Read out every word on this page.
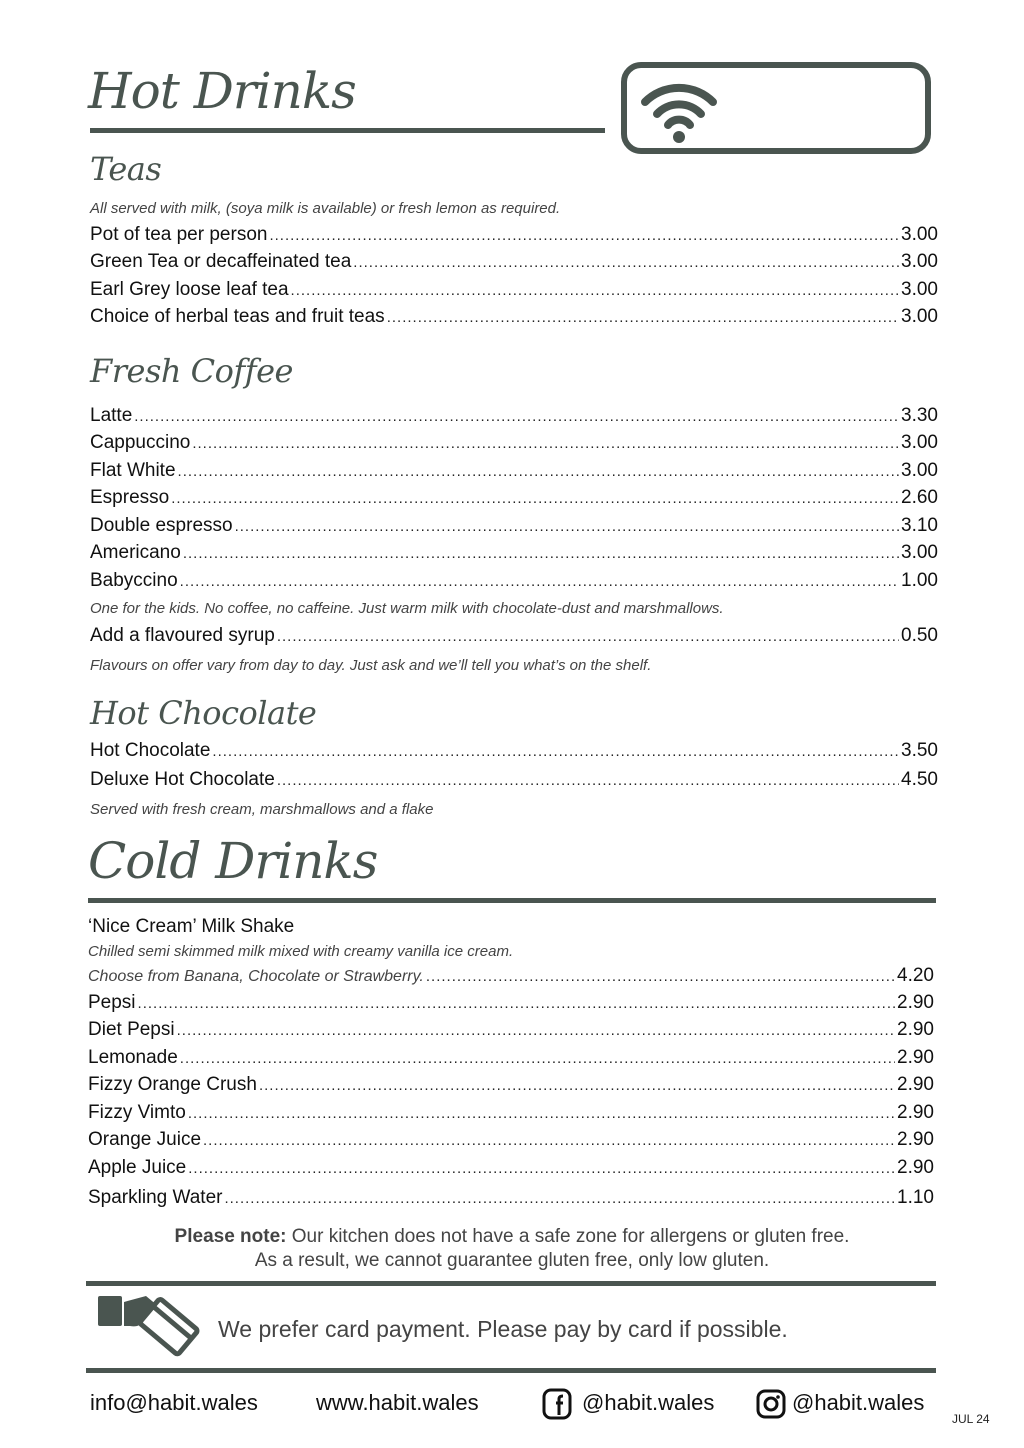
Hot Drinks
Teas
All served with milk, (soya milk is available) or fresh lemon as required.
Pot of tea per person .....	3.00
Green Tea or decaffeinated tea .....	3.00
Earl Grey loose leaf tea .....	3.00
Choice of herbal teas and fruit teas .....	3.00
Fresh Coffee
Latte .....	3.30
Cappuccino .....	3.00
Flat White .....	3.00
Espresso .....	2.60
Double espresso .....	3.10
Americano .....	3.00
Babyccino .....	1.00
One for the kids. No coffee, no caffeine. Just warm milk with chocolate-dust and marshmallows.
Add a flavoured syrup .....	0.50
Flavours on offer vary from day to day. Just ask and we’ll tell you what’s on the shelf.
Hot Chocolate
Hot Chocolate .....	3.50
Deluxe Hot Chocolate .....	4.50
Served with fresh cream, marshmallows and a flake
Cold Drinks
‘Nice Cream’ Milk Shake
Chilled semi skimmed milk mixed with creamy vanilla ice cream.
Choose from Banana, Chocolate or Strawberry. .....	4.20
Pepsi .....	2.90
Diet Pepsi .....	2.90
Lemonade .....	2.90
Fizzy Orange Crush .....	2.90
Fizzy Vimto .....	2.90
Orange Juice .....	2.90
Apple Juice .....	2.90
Sparkling Water .....	1.10
Please note: Our kitchen does not have a safe zone for allergens or gluten free.
As a result, we cannot guarantee gluten free, only low gluten.
We prefer card payment. Please pay by card if possible.
info@habit.wales	www.habit.wales	@habit.wales	@habit.wales
JUL 24
